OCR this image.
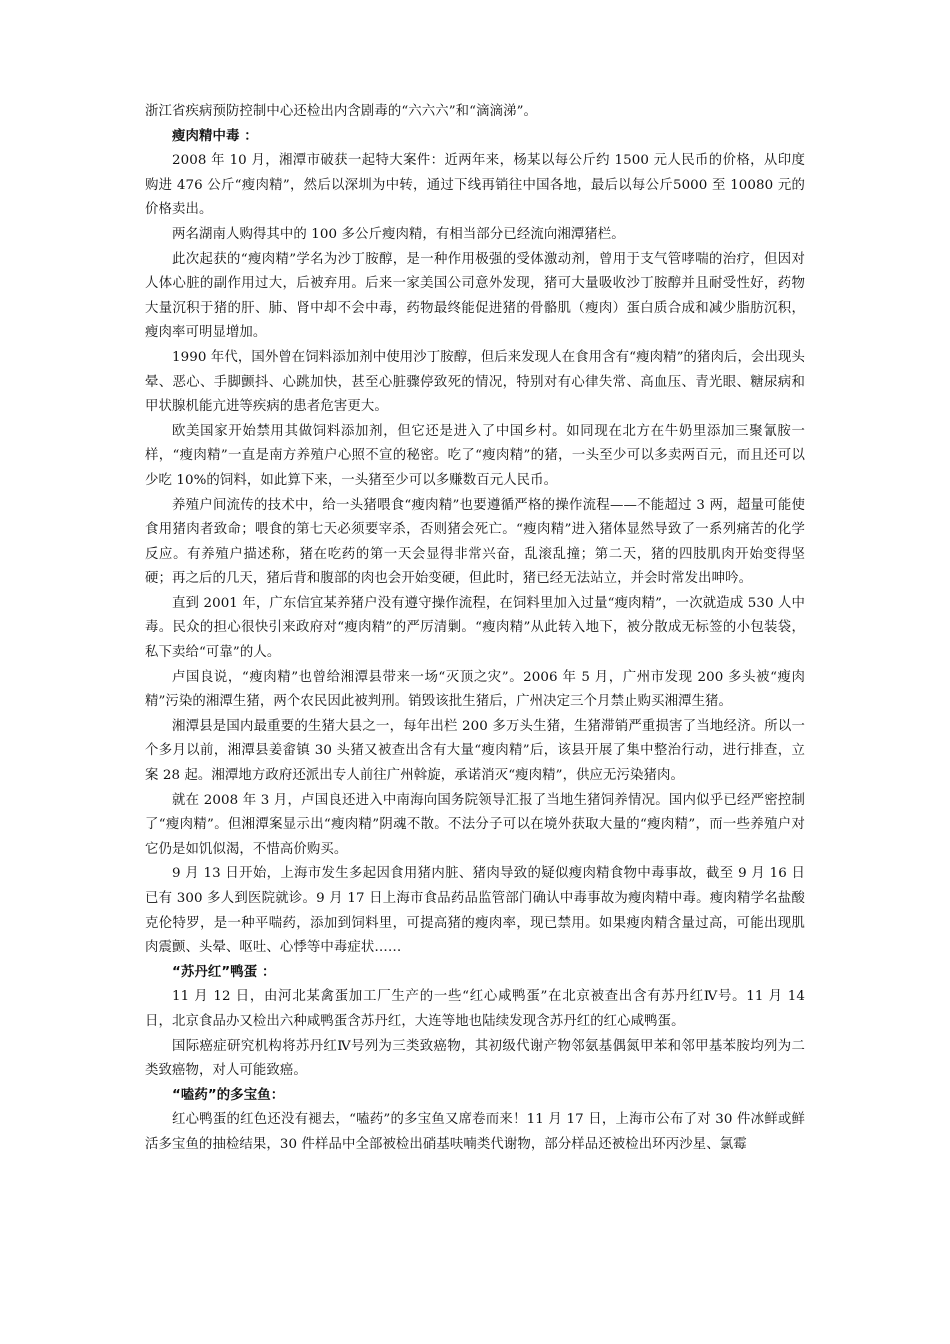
浙江省疾病预防控制中心还检出内含剧毒的“六六六”和“滴滴涕”。

瘦肉精中毒 ：

2008 年 10 月，湘潭市破获一起特大案件：近两年来，杨某以每公斤约 1500 元人民币的价格，从印度购进 476 公斤“瘦肉精”，然后以深圳为中转，通过下线再销往中国各地，最后以每公斤5000 至 10080 元的价格卖出。

两名湖南人购得其中的 100 多公斤瘦肉精，有相当部分已经流向湘潭猪栏。

此次起获的“瘦肉精”学名为沙丁胺醇，是一种作用极强的受体激动剂，曾用于支气管哮喘的治疗，但因对人体心脏的副作用过大，后被弃用。后来一家美国公司意外发现，猪可大量吸收沙丁胺醇并且耐受性好，药物大量沉积于猪的肝、肺、肾中却不会中毒，药物最终能促进猪的骨骼肌（瘦肉）蛋白质合成和减少脂肪沉积，瘦肉率可明显增加。

1990 年代，国外曾在饲料添加剂中使用沙丁胺醇，但后来发现人在食用含有“瘦肉精”的猪肉后，会出现头晕、恶心、手脚颤抖、心跳加快，甚至心脏骤停致死的情况，特别对有心律失常、高血压、青光眼、糖尿病和甲状腺机能亢进等疾病的患者危害更大。

欧美国家开始禁用其做饲料添加剂，但它还是进入了中国乡村。如同现在北方在牛奶里添加三聚氰胺一样，“瘦肉精”一直是南方养殖户心照不宣的秘密。吃了“瘦肉精”的猪，一头至少可以多卖两百元，而且还可以少吃 10%的饲料，如此算下来，一头猪至少可以多赚数百元人民币。

养殖户间流传的技术中，给一头猪喂食“瘦肉精”也要遵循严格的操作流程——不能超过 3 两，超量可能使食用猪肉者致命；喂食的第七天必须要宰杀，否则猪会死亡。“瘦肉精”进入猪体显然导致了一系列痛苦的化学反应。有养殖户描述称，猪在吃药的第一天会显得非常兴奋，乱滚乱撞；第二天，猪的四肢肌肉开始变得坚硬；再之后的几天，猪后背和腹部的肉也会开始变硬，但此时，猪已经无法站立，并会时常发出呻吟。

直到 2001 年，广东信宜某养猪户没有遵守操作流程，在饲料里加入过量“瘦肉精”，一次就造成 530 人中毒。民众的担心很快引来政府对“瘦肉精”的严厉清剿。“瘦肉精”从此转入地下，被分散成无标签的小包装袋，私下卖给“可靠”的人。

卢国良说，“瘦肉精”也曾给湘潭县带来一场“灭顶之灾”。2006 年 5 月，广州市发现 200 多头被“瘦肉精”污染的湘潭生猪，两个农民因此被判刑。销毁该批生猪后，广州决定三个月禁止购买湘潭生猪。

湘潭县是国内最重要的生猪大县之一，每年出栏 200 多万头生猪，生猪滞销严重损害了当地经济。所以一个多月以前，湘潭县姜畲镇 30 头猪又被查出含有大量“瘦肉精”后，该县开展了集中整治行动，进行排查，立案 28 起。湘潭地方政府还派出专人前往广州斡旋，承诺消灭“瘦肉精”，供应无污染猪肉。

就在 2008 年 3 月，卢国良还进入中南海向国务院领导汇报了当地生猪饲养情况。国内似乎已经严密控制了“瘦肉精”。但湘潭案显示出“瘦肉精”阴魂不散。不法分子可以在境外获取大量的“瘦肉精”，而一些养殖户对它仍是如饥似渴，不惜高价购买。

9 月 13 日开始，上海市发生多起因食用猪内脏、猪肉导致的疑似瘦肉精食物中毒事故，截至 9 月 16 日已有 300 多人到医院就诊。9 月 17 日上海市食品药品监管部门确认中毒事故为瘦肉精中毒。瘦肉精学名盐酸克伦特罗，是一种平喘药，添加到饲料里，可提高猪的瘦肉率，现已禁用。如果瘦肉精含量过高，可能出现肌肉震颤、头晕、呕吐、心悸等中毒症状……

“苏丹红”鸭蛋 ：

11 月 12 日，由河北某禽蛋加工厂生产的一些“红心咸鸭蛋”在北京被查出含有苏丹红Ⅳ号。11 月 14 日，北京食品办又检出六种咸鸭蛋含苏丹红，大连等地也陆续发现含苏丹红的红心咸鸭蛋。

国际癌症研究机构将苏丹红Ⅳ号列为三类致癌物，其初级代谢产物邻氨基偶氮甲苯和邻甲基苯胺均列为二类致癌物，对人可能致癌。

“嗑药”的多宝鱼：

红心鸭蛋的红色还没有褪去，“嗑药”的多宝鱼又席卷而来！11 月 17 日，上海市公布了对 30 件冰鲜或鲜活多宝鱼的抽检结果，30 件样品中全部被检出硝基呋喃类代谢物，部分样品还被检出环丙沙星、氯霉
